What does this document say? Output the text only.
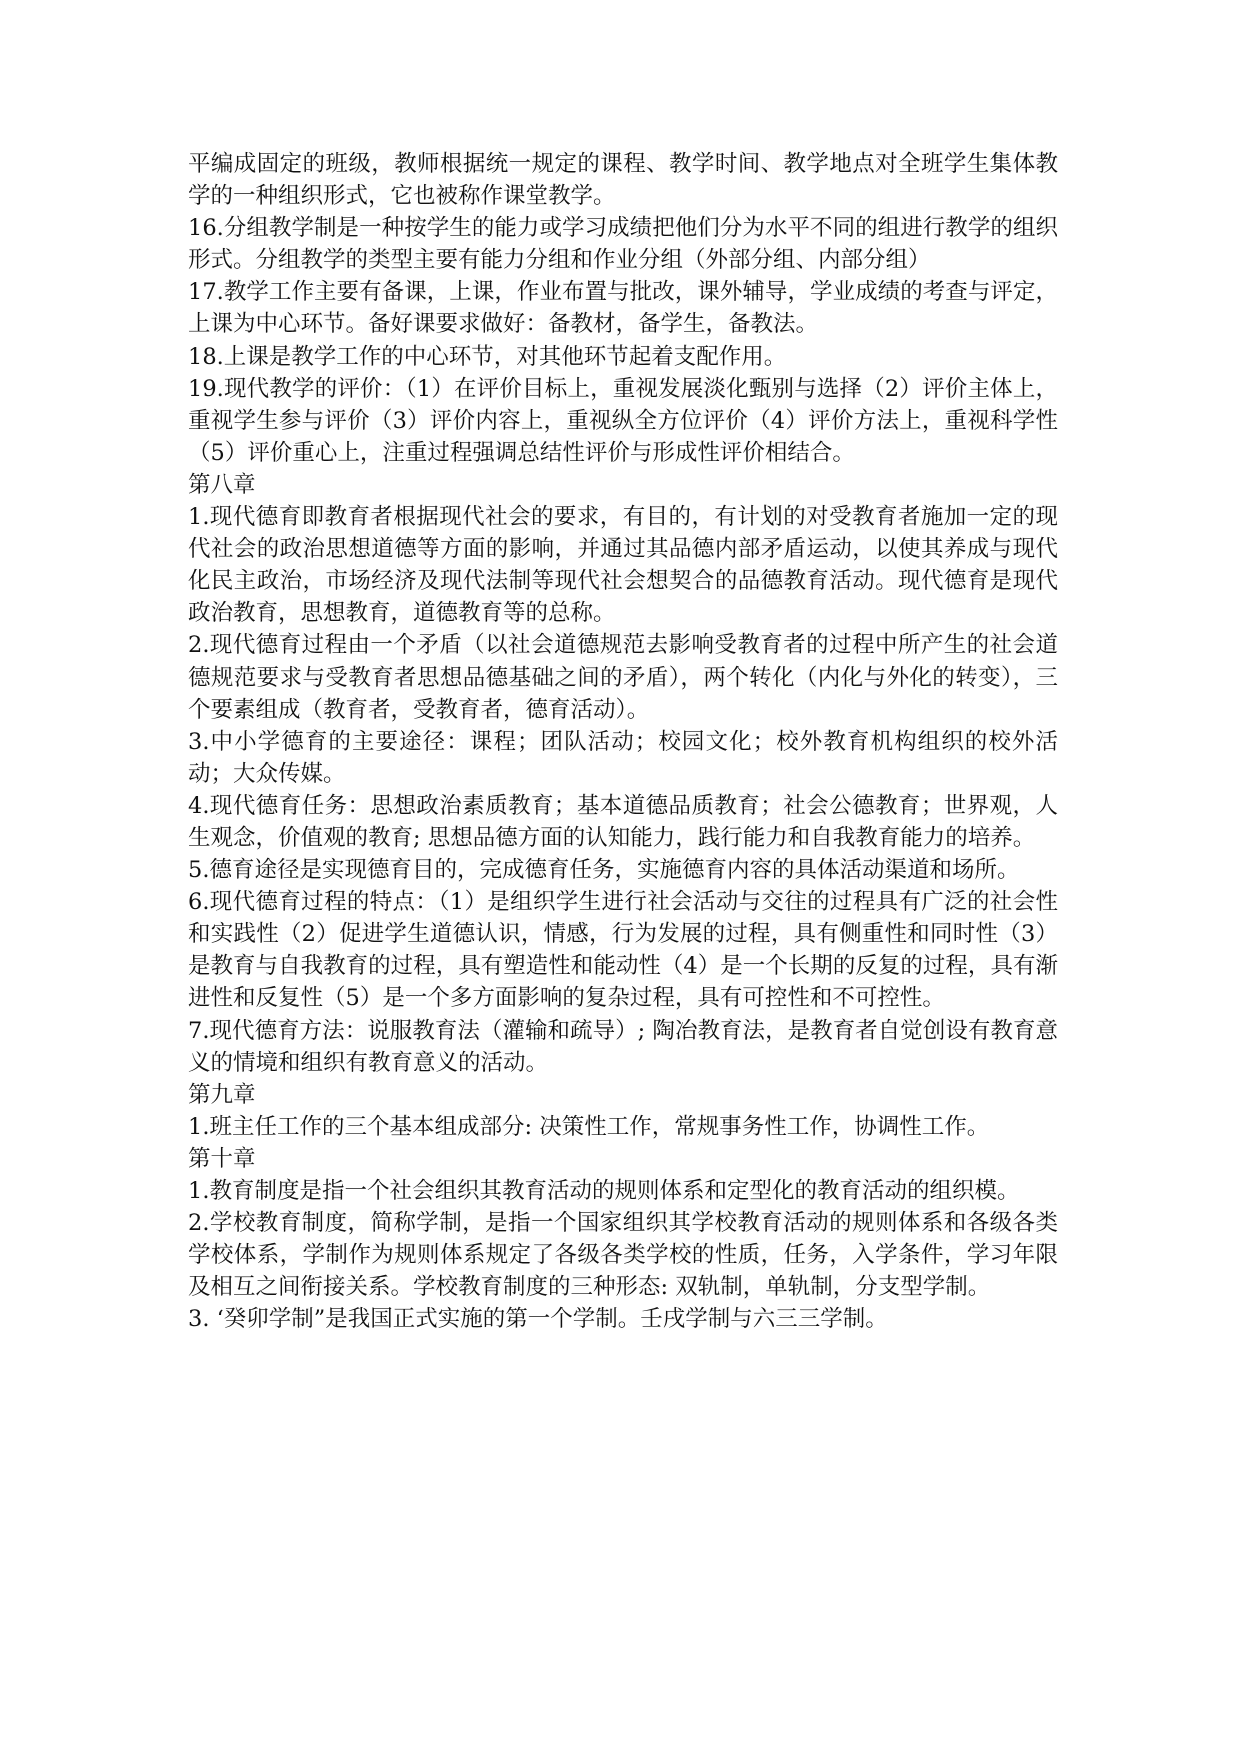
平编成固定的班级，教师根据统一规定的课程、教学时间、教学地点对全班学生集体教学的一种组织形式，它也被称作课堂教学。

16.分组教学制是一种按学生的能力或学习成绩把他们分为水平不同的组进行教学的组织形式。分组教学的类型主要有能力分组和作业分组（外部分组、内部分组）

17.教学工作主要有备课，上课，作业布置与批改，课外辅导，学业成绩的考查与评定，上课为中心环节。备好课要求做好：备教材，备学生，备教法。

18.上课是教学工作的中心环节，对其他环节起着支配作用。

19.现代教学的评价：（1）在评价目标上，重视发展淡化甄别与选择（2）评价主体上，重视学生参与评价（3）评价内容上，重视纵全方位评价（4）评价方法上，重视科学性（5）评价重心上，注重过程强调总结性评价与形成性评价相结合。

第八章

1.现代德育即教育者根据现代社会的要求，有目的，有计划的对受教育者施加一定的现代社会的政治思想道德等方面的影响，并通过其品德内部矛盾运动，以使其养成与现代化民主政治，市场经济及现代法制等现代社会想契合的品德教育活动。现代德育是现代政治教育，思想教育，道德教育等的总称。

2.现代德育过程由一个矛盾（以社会道德规范去影响受教育者的过程中所产生的社会道德规范要求与受教育者思想品德基础之间的矛盾），两个转化（内化与外化的转变），三个要素组成（教育者，受教育者，德育活动）。

3.中小学德育的主要途径：课程；团队活动；校园文化；校外教育机构组织的校外活动；大众传媒。

4.现代德育任务：思想政治素质教育；基本道德品质教育；社会公德教育；世界观，人生观念，价值观的教育; 思想品德方面的认知能力，践行能力和自我教育能力的培养。

5.德育途径是实现德育目的，完成德育任务，实施德育内容的具体活动渠道和场所。

6.现代德育过程的特点：（1）是组织学生进行社会活动与交往的过程具有广泛的社会性和实践性（2）促进学生道德认识，情感，行为发展的过程，具有侧重性和同时性（3）是教育与自我教育的过程，具有塑造性和能动性（4）是一个长期的反复的过程，具有渐进性和反复性（5）是一个多方面影响的复杂过程，具有可控性和不可控性。

7.现代德育方法：说服教育法（灌输和疏导）; 陶冶教育法，是教育者自觉创设有教育意义的情境和组织有教育意义的活动。

第九章

1.班主任工作的三个基本组成部分: 决策性工作，常规事务性工作，协调性工作。

第十章

1.教育制度是指一个社会组织其教育活动的规则体系和定型化的教育活动的组织模。

2.学校教育制度，简称学制，是指一个国家组织其学校教育活动的规则体系和各级各类学校体系，学制作为规则体系规定了各级各类学校的性质，任务，入学条件，学习年限及相互之间衔接关系。学校教育制度的三种形态: 双轨制，单轨制，分支型学制。

3. ‘癸卯学制”是我国正式实施的第一个学制。壬戌学制与六三三学制。
